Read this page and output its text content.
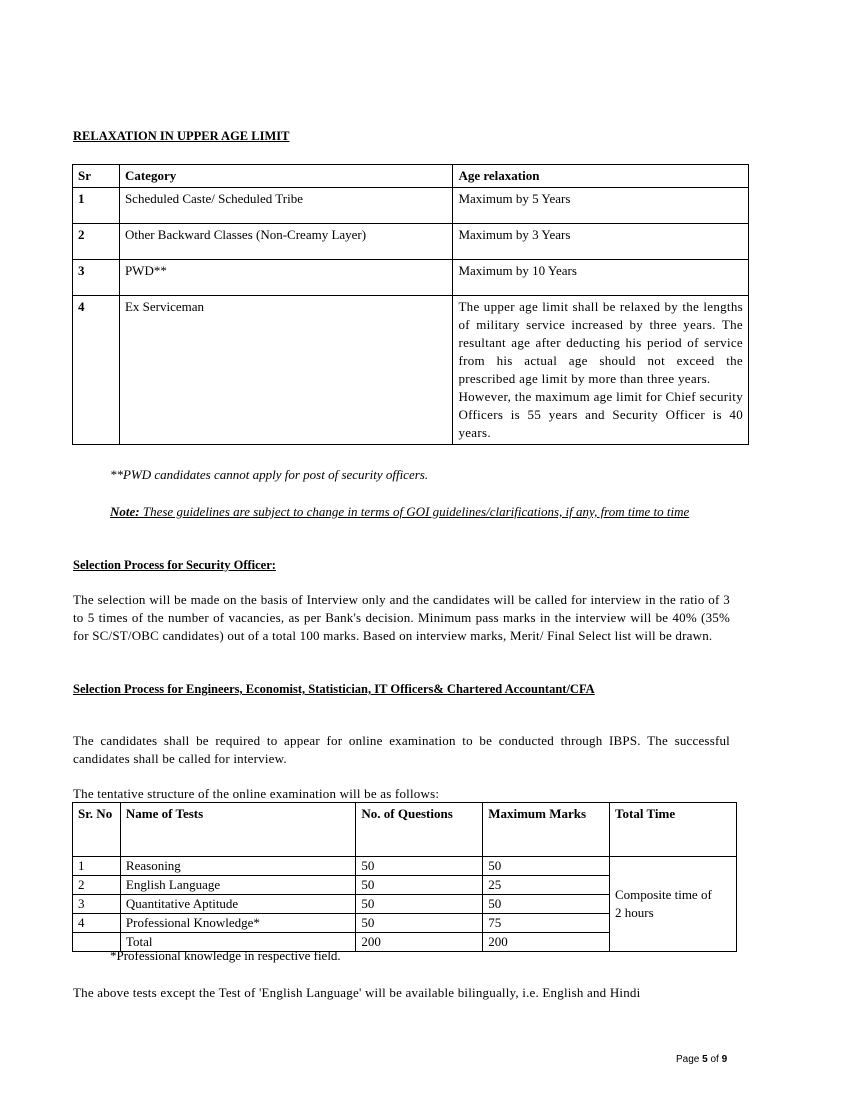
RELAXATION IN UPPER AGE LIMIT
Sr	Category	Age relaxation
1	Scheduled Caste/ Scheduled Tribe	Maximum by 5 Years
2	Other Backward Classes (Non-Creamy Layer)	Maximum by 3 Years
3	PWD**	Maximum by 10 Years
4	Ex Serviceman	The upper age limit shall be relaxed by the lengths of military service increased by three years. The resultant age after deducting his period of service from his actual age should not exceed the prescribed age limit by more than three years.
However, the maximum age limit for Chief security Officers is 55 years and Security Officer is 40 years.
**PWD candidates cannot apply for post of security officers.
Note: These guidelines are subject to change in terms of GOI guidelines/clarifications, if any, from time to time
Selection Process for Security Officer:
The selection will be made on the basis of Interview only and the candidates will be called for interview in the ratio of 3 to 5 times of the number of vacancies, as per Bank's decision. Minimum pass marks in the interview will be 40% (35% for SC/ST/OBC candidates) out of a total 100 marks. Based on interview marks, Merit/ Final Select list will be drawn.
Selection Process for Engineers, Economist, Statistician, IT Officers& Chartered Accountant/CFA
The candidates shall be required to appear for online examination to be conducted through IBPS. The successful candidates shall be called for interview.
The tentative structure of the online examination will be as follows:
Sr. No	Name of Tests	No. of Questions	Maximum Marks	Total Time
1	Reasoning	50	50	Composite time of 2 hours

2	English Language	50	25	
3	Quantitative Aptitude	50	50	
4	Professional Knowledge*	50	75	
	Total	200	200	
*Professional knowledge in respective field.
The above tests except the Test of 'English Language' will be available bilingually, i.e. English and Hindi
Page 5 of 9
